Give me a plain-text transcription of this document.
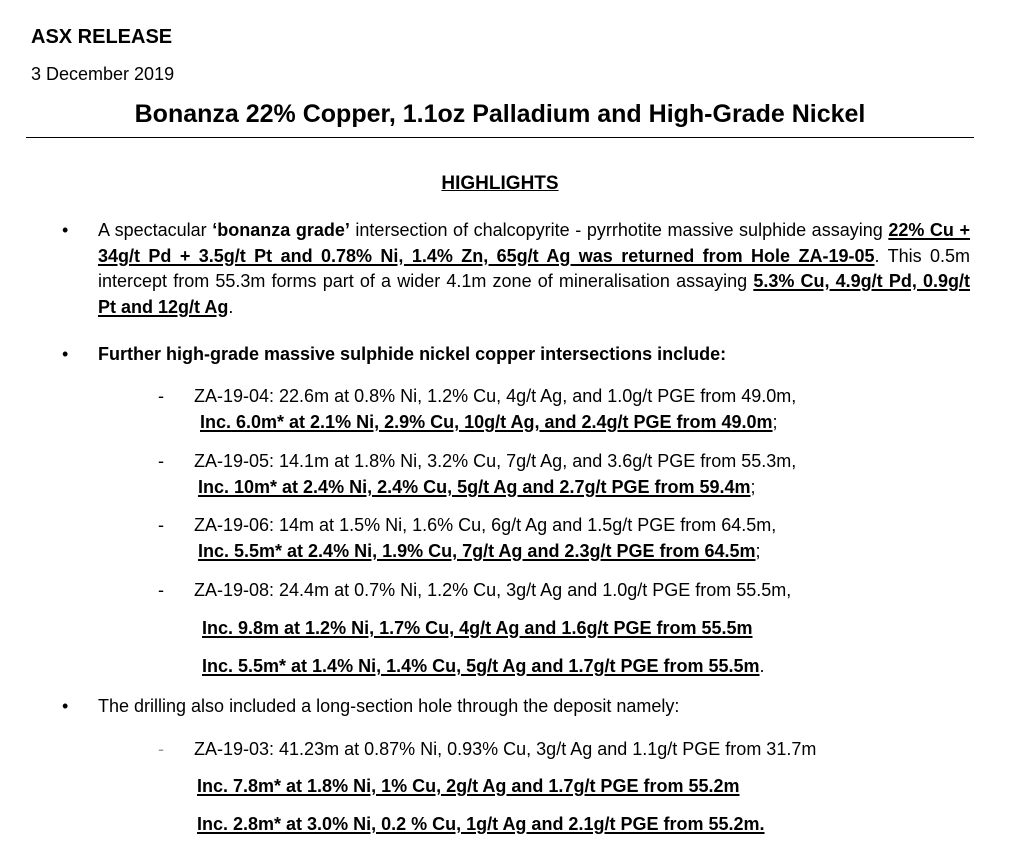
ASX RELEASE
3 December 2019
Bonanza 22% Copper, 1.1oz Palladium and High-Grade Nickel
HIGHLIGHTS
• A spectacular ‘bonanza grade’ intersection of chalcopyrite - pyrrhotite massive sulphide assaying 22% Cu + 34g/t Pd + 3.5g/t Pt and 0.78% Ni, 1.4% Zn, 65g/t Ag was returned from Hole ZA-19-05. This 0.5m intercept from 55.3m forms part of a wider 4.1m zone of mineralisation assaying 5.3% Cu, 4.9g/t Pd, 0.9g/t Pt and 12g/t Ag.
• Further high-grade massive sulphide nickel copper intersections include:
- ZA-19-04: 22.6m at 0.8% Ni, 1.2% Cu, 4g/t Ag, and 1.0g/t PGE from 49.0m,
Inc. 6.0m* at 2.1% Ni, 2.9% Cu, 10g/t Ag, and 2.4g/t PGE from 49.0m;
- ZA-19-05: 14.1m at 1.8% Ni, 3.2% Cu, 7g/t Ag, and 3.6g/t PGE from 55.3m,
Inc. 10m* at 2.4% Ni, 2.4% Cu, 5g/t Ag and 2.7g/t PGE from 59.4m;
- ZA-19-06: 14m at 1.5% Ni, 1.6% Cu, 6g/t Ag and 1.5g/t PGE from 64.5m,
Inc. 5.5m* at 2.4% Ni, 1.9% Cu, 7g/t Ag and 2.3g/t PGE from 64.5m;
- ZA-19-08: 24.4m at 0.7% Ni, 1.2% Cu, 3g/t Ag and 1.0g/t PGE from 55.5m,
Inc. 9.8m at 1.2% Ni, 1.7% Cu, 4g/t Ag and 1.6g/t PGE from 55.5m
Inc. 5.5m* at 1.4% Ni, 1.4% Cu, 5g/t Ag and 1.7g/t PGE from 55.5m.
• The drilling also included a long-section hole through the deposit namely:
- ZA-19-03: 41.23m at 0.87% Ni, 0.93% Cu, 3g/t Ag and 1.1g/t PGE from 31.7m
Inc. 7.8m* at 1.8% Ni, 1% Cu, 2g/t Ag and 1.7g/t PGE from 55.2m
Inc. 2.8m* at 3.0% Ni, 0.2 % Cu, 1g/t Ag and 2.1g/t PGE from 55.2m.
